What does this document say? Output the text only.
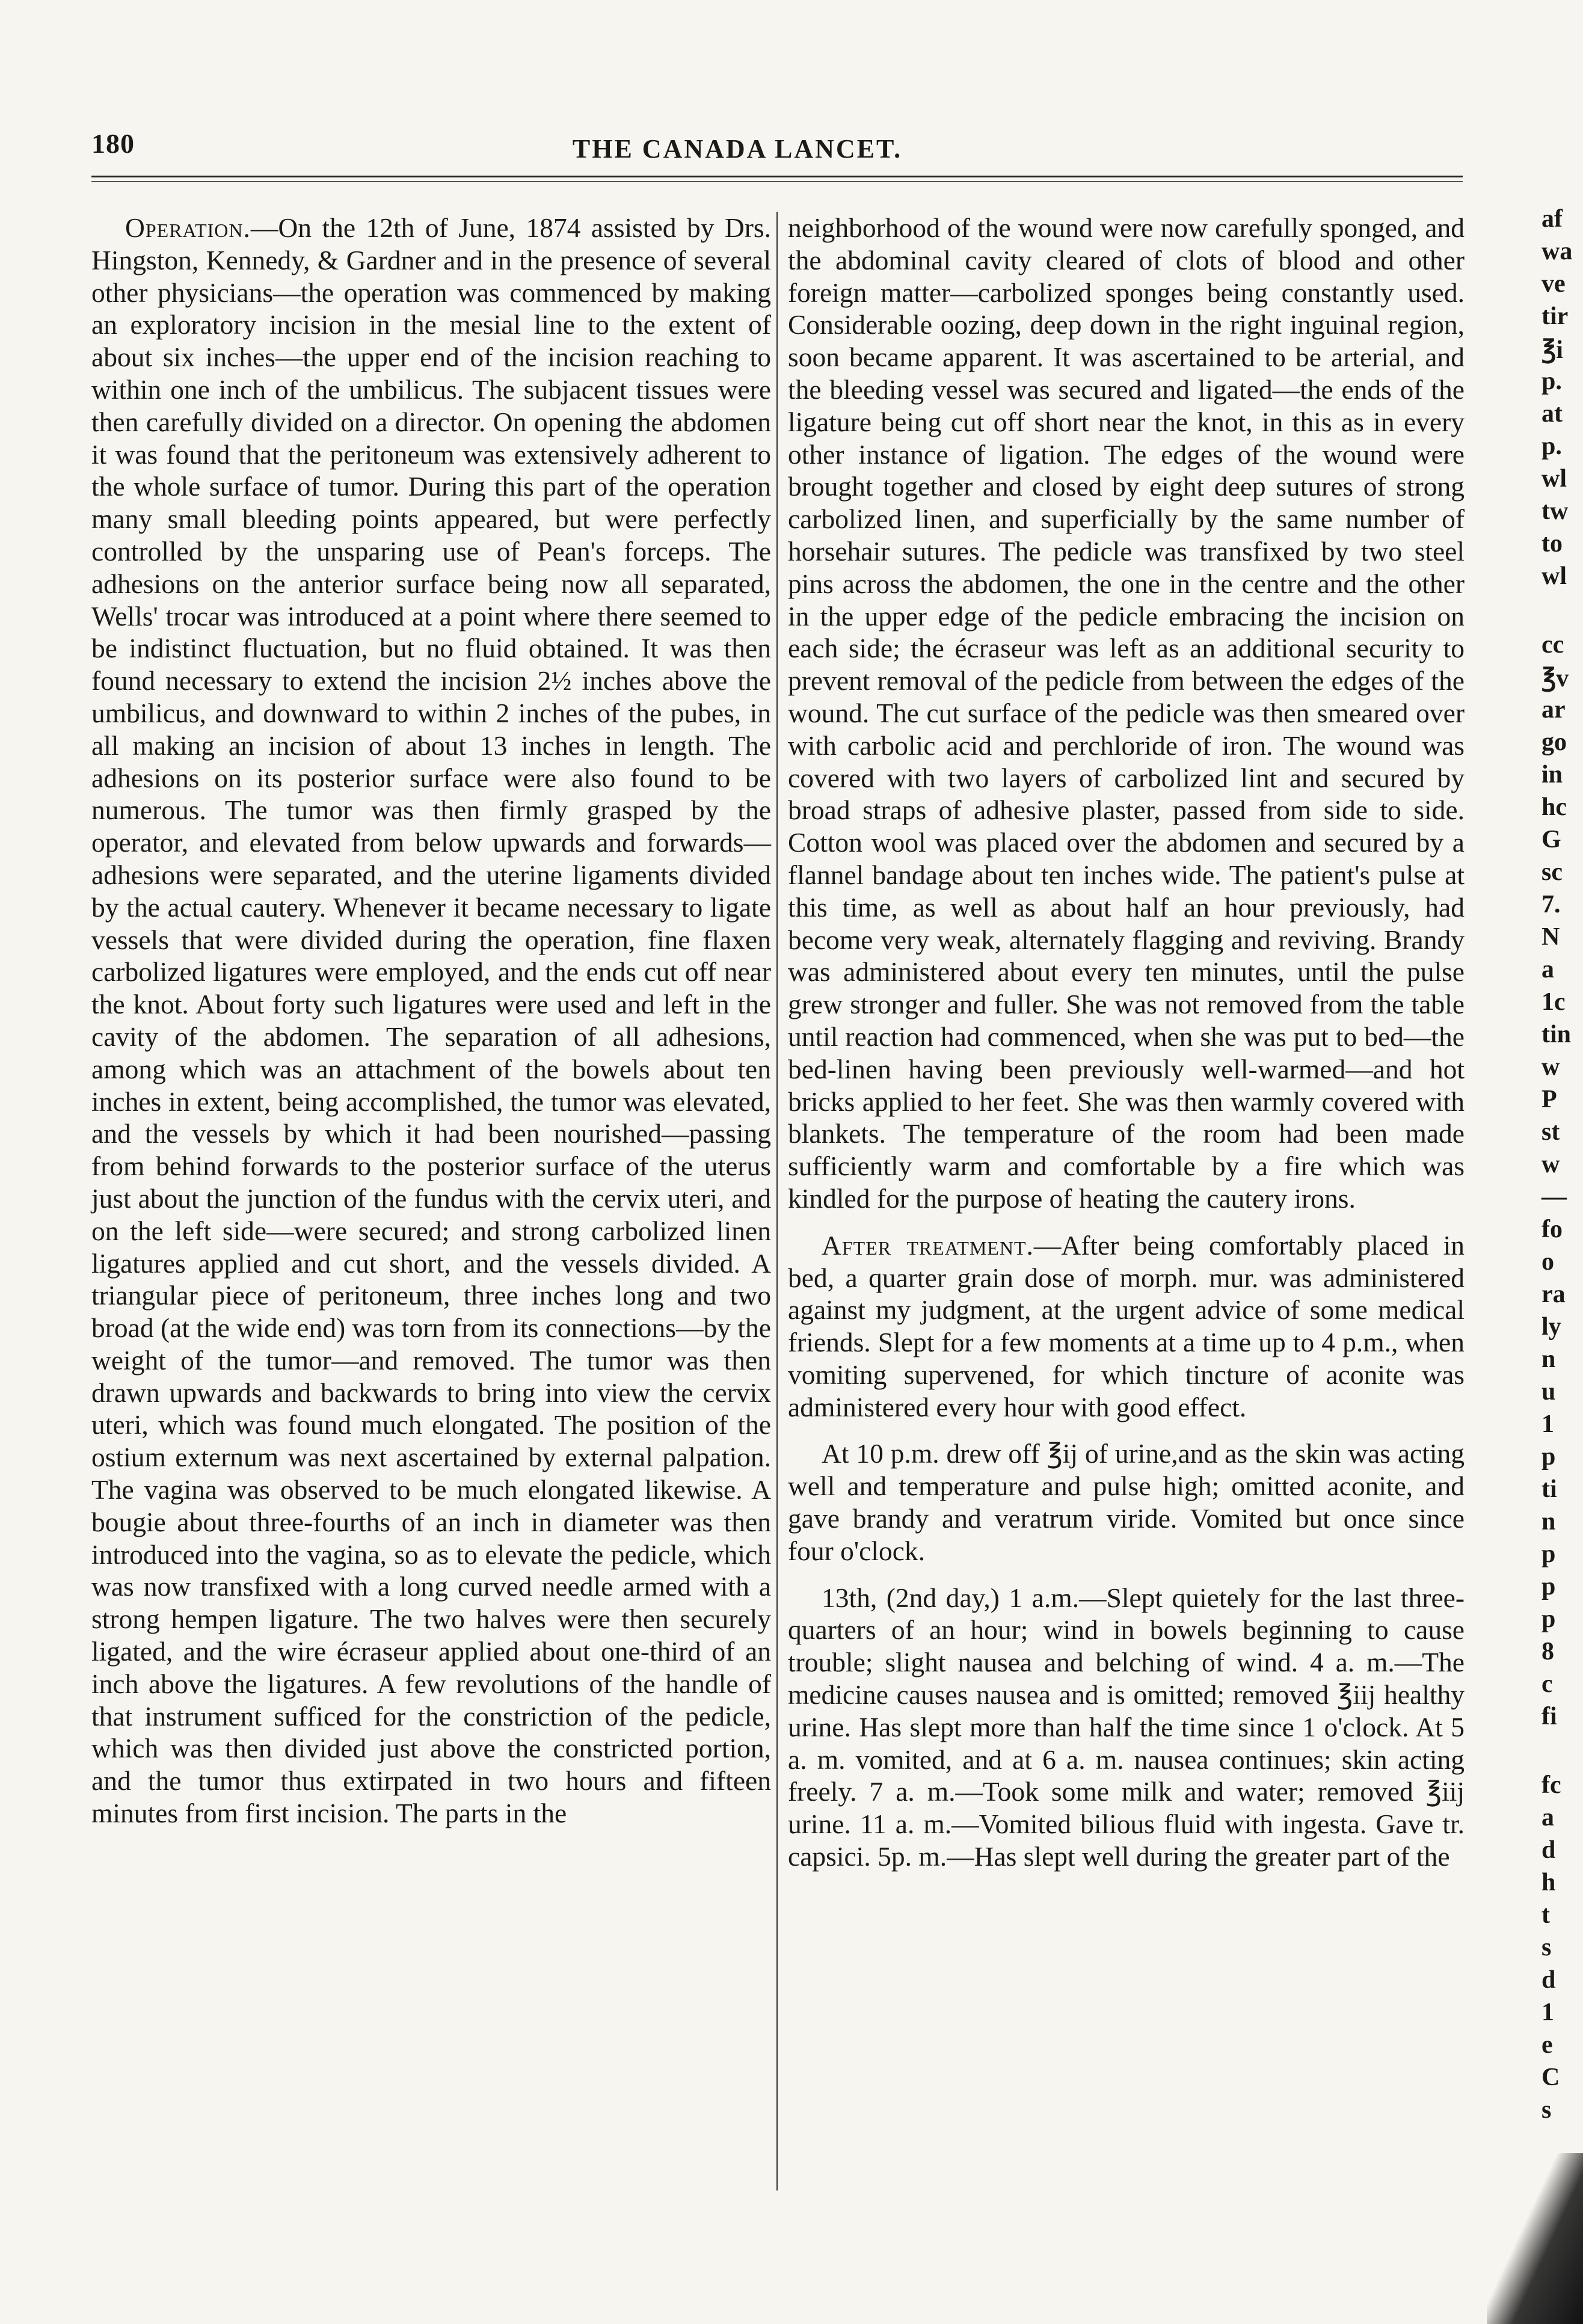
180	THE CANADA LANCET.

Operation.—On the 12th of June, 1874 assisted by Drs. Hingston, Kennedy, & Gardner and in the presence of several other physicians—the operation was commenced by making an exploratory incision in the mesial line to the extent of about six inches—the upper end of the incision reaching to within one inch of the umbilicus. The subjacent tissues were then carefully divided on a director. On opening the abdomen it was found that the peritoneum was extensively adherent to the whole surface of tumor. During this part of the operation many small bleeding points appeared, but were perfectly controlled by the unsparing use of Pean's forceps. The adhesions on the anterior surface being now all separated, Wells' trocar was introduced at a point where there seemed to be indistinct fluctuation, but no fluid obtained. It was then found necessary to extend the incision 2½ inches above the umbilicus, and downward to within 2 inches of the pubes, in all making an incision of about 13 inches in length. The adhesions on its posterior surface were also found to be numerous. The tumor was then firmly grasped by the operator, and elevated from below upwards and forwards—adhesions were separated, and the uterine ligaments divided by the actual cautery. Whenever it became necessary to ligate vessels that were divided during the operation, fine flaxen carbolized ligatures were employed, and the ends cut off near the knot. About forty such ligatures were used and left in the cavity of the abdomen. The separation of all adhesions, among which was an attachment of the bowels about ten inches in extent, being accomplished, the tumor was elevated, and the vessels by which it had been nourished—passing from behind forwards to the posterior surface of the uterus just about the junction of the fundus with the cervix uteri, and on the left side—were secured; and strong carbolized linen ligatures applied and cut short, and the vessels divided. A triangular piece of peritoneum, three inches long and two broad (at the wide end) was torn from its connections—by the weight of the tumor—and removed. The tumor was then drawn upwards and backwards to bring into view the cervix uteri, which was found much elongated. The position of the ostium externum was next ascertained by external palpation. The vagina was observed to be much elongated likewise. A bougie about three-fourths of an inch in diameter was then introduced into the vagina, so as to elevate the pedicle, which was now transfixed with a long curved needle armed with a strong hempen ligature. The two halves were then securely ligated, and the wire écraseur applied about one-third of an inch above the ligatures. A few revolutions of the handle of that instrument sufficed for the constriction of the pedicle, which was then divided just above the constricted portion, and the tumor thus extirpated in two hours and fifteen minutes from first incision. The parts in the

neighborhood of the wound were now carefully sponged, and the abdominal cavity cleared of clots of blood and other foreign matter—carbolized sponges being constantly used. Considerable oozing, deep down in the right inguinal region, soon became apparent. It was ascertained to be arterial, and the bleeding vessel was secured and ligated—the ends of the ligature being cut off short near the knot, in this as in every other instance of ligation. The edges of the wound were brought together and closed by eight deep sutures of strong carbolized linen, and superficially by the same number of horsehair sutures. The pedicle was transfixed by two steel pins across the abdomen, the one in the centre and the other in the upper edge of the pedicle embracing the incision on each side; the écraseur was left as an additional security to prevent removal of the pedicle from between the edges of the wound. The cut surface of the pedicle was then smeared over with carbolic acid and perchloride of iron. The wound was covered with two layers of carbolized lint and secured by broad straps of adhesive plaster, passed from side to side. Cotton wool was placed over the abdomen and secured by a flannel bandage about ten inches wide. The patient's pulse at this time, as well as about half an hour previously, had become very weak, alternately flagging and reviving. Brandy was administered about every ten minutes, until the pulse grew stronger and fuller. She was not removed from the table until reaction had commenced, when she was put to bed—the bed-linen having been previously well-warmed—and hot bricks applied to her feet. She was then warmly covered with blankets. The temperature of the room had been made sufficiently warm and comfortable by a fire which was kindled for the purpose of heating the cautery irons.

After treatment.—After being comfortably placed in bed, a quarter grain dose of morph. mur. was administered against my judgment, at the urgent advice of some medical friends. Slept for a few moments at a time up to 4 p.m., when vomiting supervened, for which tincture of aconite was administered every hour with good effect.

At 10 p.m. drew off ℥ij of urine,and as the skin was acting well and temperature and pulse high; omitted aconite, and gave brandy and veratrum viride. Vomited but once since four o'clock.

13th, (2nd day,) 1 a.m.—Slept quietely for the last three-quarters of an hour; wind in bowels beginning to cause trouble; slight nausea and belching of wind. 4 a. m.—The medicine causes nausea and is omitted; removed ℥iij healthy urine. Has slept more than half the time since 1 o'clock. At 5 a. m. vomited, and at 6 a. m. nausea continues; skin acting freely. 7 a. m.—Took some milk and water; removed ℥iij urine. 11 a. m.—Vomited bilious fluid with ingesta. Gave tr. capsici. 5p. m.—Has slept well during the greater part of the

af
wa
ve
tir
℥i
p.
at
p.
wl
tw
to
wl
cc
℥v
ar
go
in
hc
G
sc
7.
N
a
1c
tin
w
P
st
w
—
fo
o
ra
ly
n
u
1
p
ti
n
p
p
p
8
c
fi
fc
a
d
h
t
s
d
1
e
C
s
